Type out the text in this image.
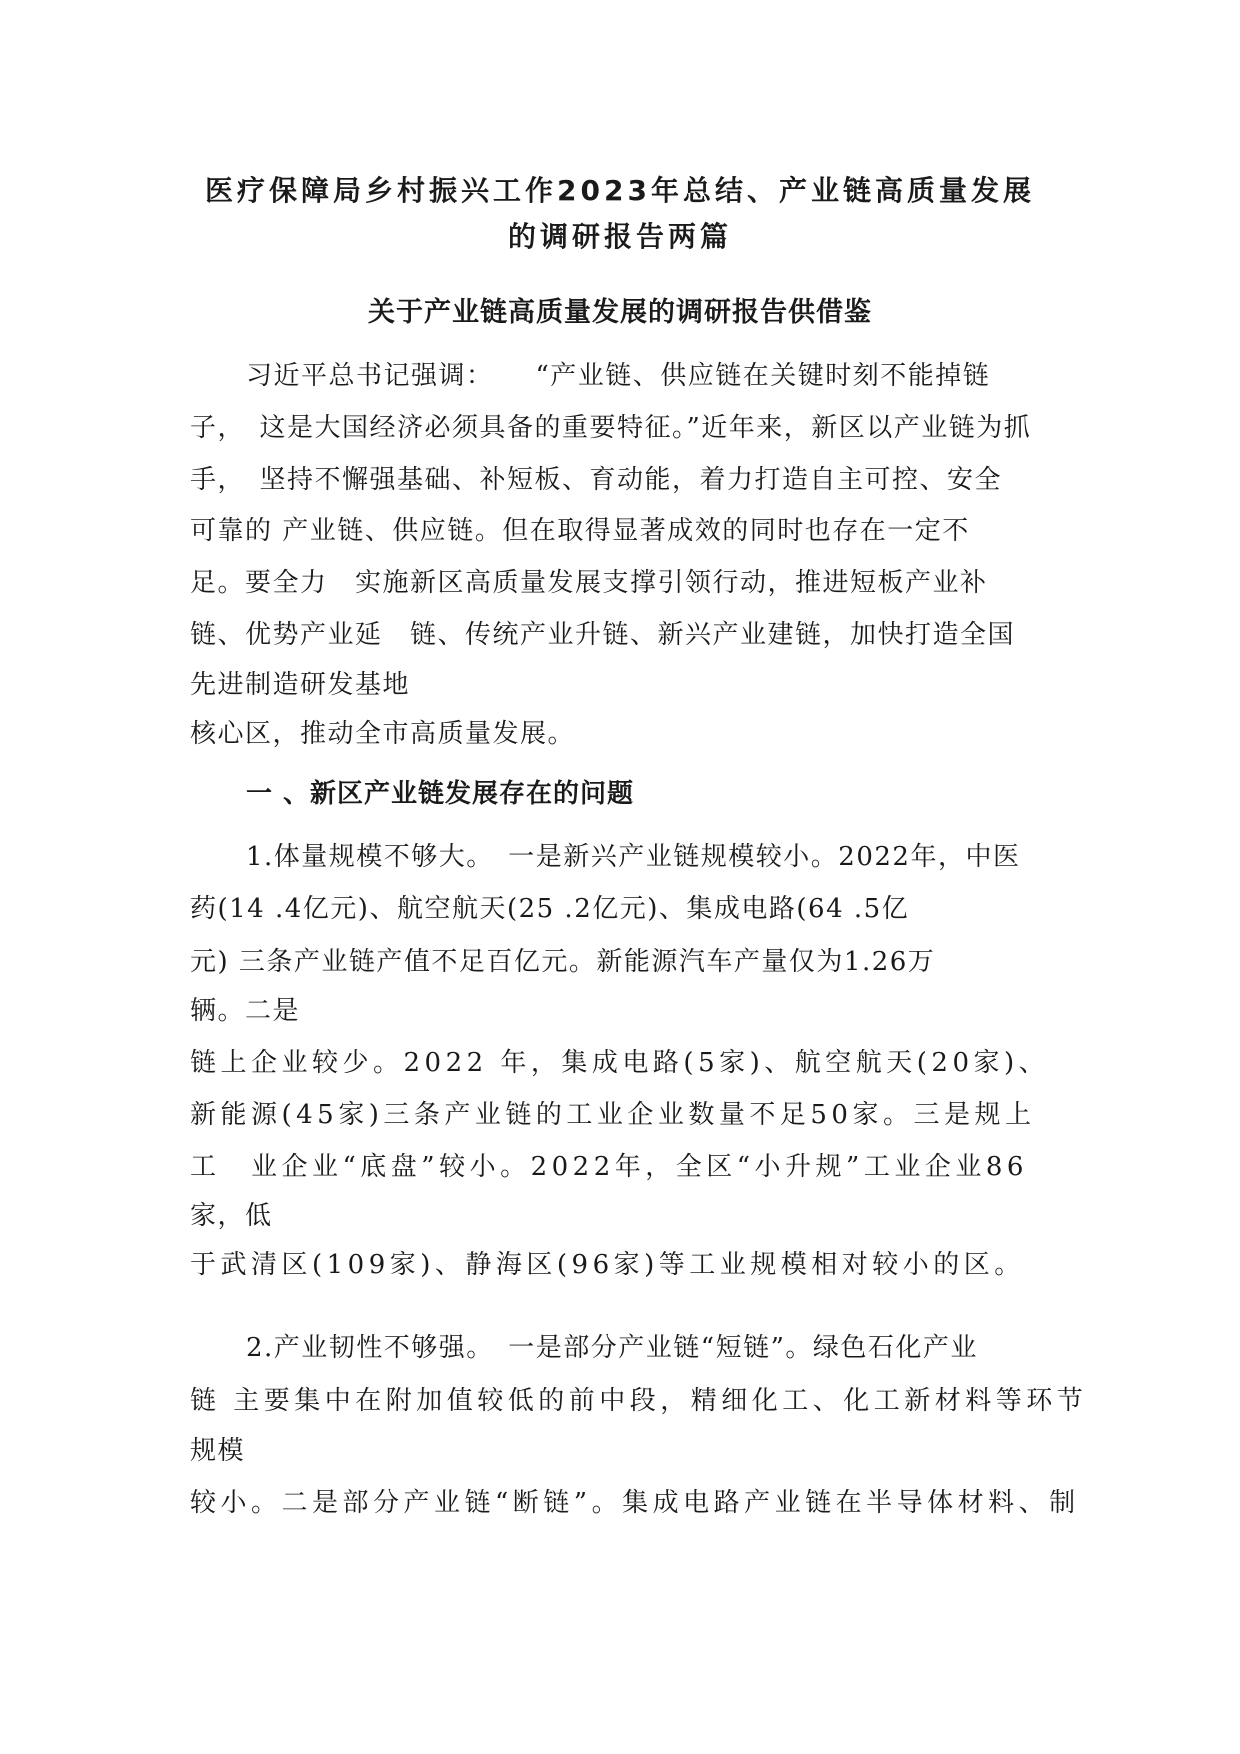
医疗保障局乡村振兴工作2023年总结、产业链高质量发展
的调研报告两篇
关于产业链高质量发展的调研报告供借鉴
习近平总书记强调：　　“产业链、供应链在关键时刻不能掉链
子，　这是大国经济必须具备的重要特征。”近年来，新区以产业链为抓
手，　坚持不懈强基础、补短板、育动能，着力打造自主可控、安全
可靠的 产业链、供应链。但在取得显著成效的同时也存在一定不
足。要全力　实施新区高质量发展支撑引领行动，推进短板产业补
链、优势产业延　链、传统产业升链、新兴产业建链，加快打造全国
先进制造研发基地
核心区，推动全市高质量发展。
一 、新区产业链发展存在的问题
1.体量规模不够大。　一是新兴产业链规模较小。2022年，中医
药(14 .4亿元)、航空航天(25 .2亿元)、集成电路(64 .5亿
元) 三条产业链产值不足百亿元。新能源汽车产量仅为1.26万
辆。二是
链上企业较少。2022 年，集成电路(5家)、航空航天(20家)、
新能源(45家)三条产业链的工业企业数量不足50家。三是规上
工　业企业“底盘”较小。2022年，全区“小升规”工业企业86
家，低
于武清区(109家)、静海区(96家)等工业规模相对较小的区。
2.产业韧性不够强。　一是部分产业链“短链”。绿色石化产业
链 主要集中在附加值较低的前中段，精细化工、化工新材料等环节
规模
较小。二是部分产业链“断链”。集成电路产业链在半导体材料、制
